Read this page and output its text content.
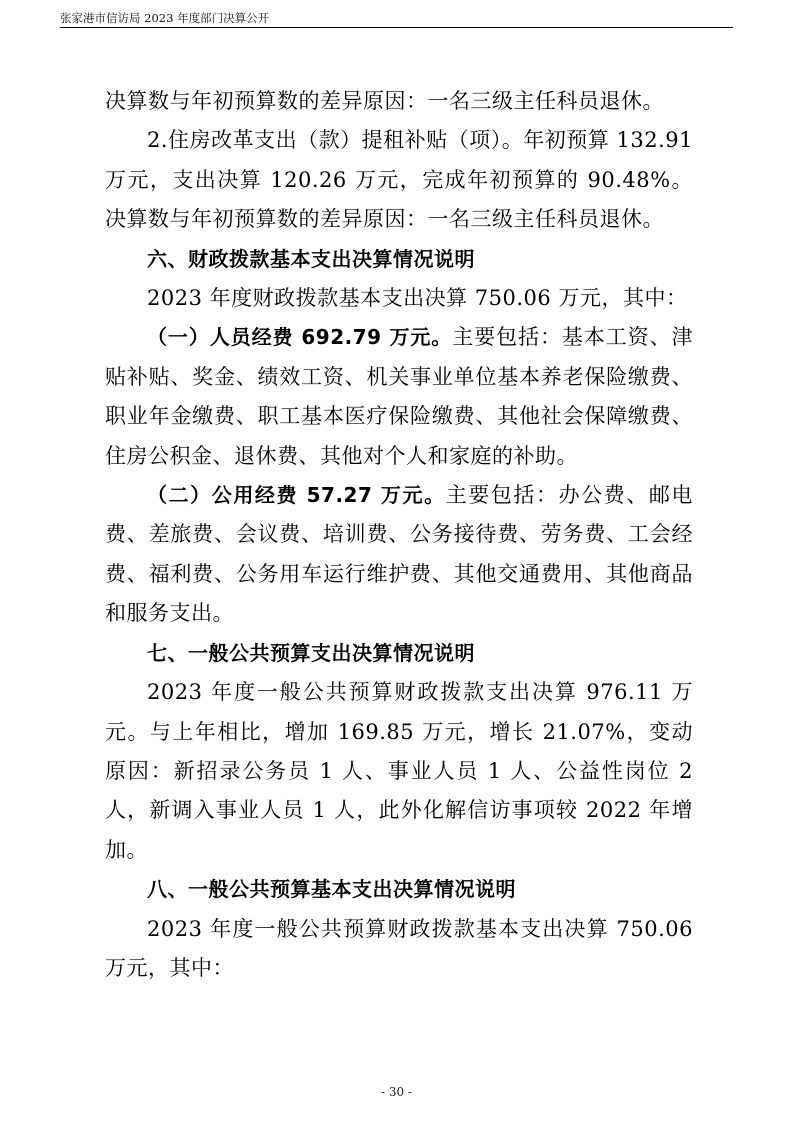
张家港市信访局 2023 年度部门决算公开

决算数与年初预算数的差异原因：一名三级主任科员退休。

2.住房改革支出（款）提租补贴（项）。年初预算 132.91 万元，支出决算 120.26 万元，完成年初预算的 90.48%。决算数与年初预算数的差异原因：一名三级主任科员退休。

六、财政拨款基本支出决算情况说明

2023 年度财政拨款基本支出决算 750.06 万元，其中：

（一）人员经费 692.79 万元。主要包括：基本工资、津贴补贴、奖金、绩效工资、机关事业单位基本养老保险缴费、职业年金缴费、职工基本医疗保险缴费、其他社会保障缴费、住房公积金、退休费、其他对个人和家庭的补助。

（二）公用经费 57.27 万元。主要包括：办公费、邮电费、差旅费、会议费、培训费、公务接待费、劳务费、工会经费、福利费、公务用车运行维护费、其他交通费用、其他商品和服务支出。

七、一般公共预算支出决算情况说明

2023 年度一般公共预算财政拨款支出决算 976.11 万元。与上年相比，增加 169.85 万元，增长 21.07%，变动原因：新招录公务员 1 人、事业人员 1 人、公益性岗位 2 人，新调入事业人员 1 人，此外化解信访事项较 2022 年增加。

八、一般公共预算基本支出决算情况说明

2023 年度一般公共预算财政拨款基本支出决算 750.06 万元，其中：

- 30 -
